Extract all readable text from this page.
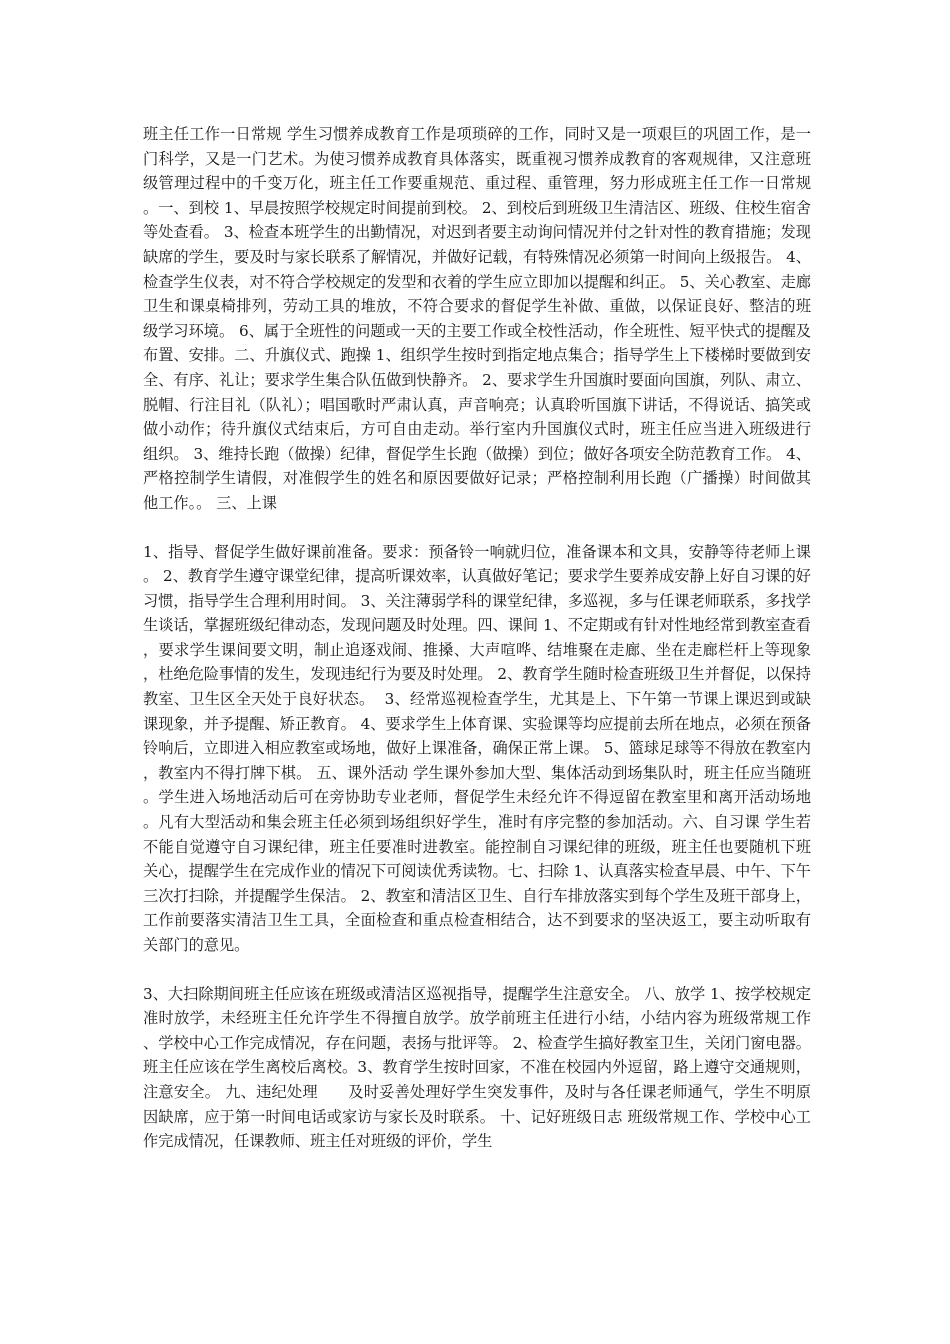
班主任工作一日常规 学生习惯养成教育工作是项琐碎的工作，同时又是一项艰巨的巩固工作，是一门科学，又是一门艺术。为使习惯养成教育具体落实，既重视习惯养成教育的客观规律，又注意班级管理过程中的千变万化，班主任工作要重规范、重过程、重管理，努力形成班主任工作一日常规。一、到校 1、早晨按照学校规定时间提前到校。 2、到校后到班级卫生清洁区、班级、住校生宿舍等处查看。 3、检查本班学生的出勤情况，对迟到者要主动询问情况并付之针对性的教育措施；发现缺席的学生，要及时与家长联系了解情况，并做好记载，有特殊情况必须第一时间向上级报告。 4、检查学生仪表，对不符合学校规定的发型和衣着的学生应立即加以提醒和纠正。 5、关心教室、走廊卫生和课桌椅排列，劳动工具的堆放，不符合要求的督促学生补做、重做，以保证良好、整洁的班级学习环境。 6、属于全班性的问题或一天的主要工作或全校性活动，作全班性、短平快式的提醒及布置、安排。二、升旗仪式、跑操 1、组织学生按时到指定地点集合；指导学生上下楼梯时要做到安全、有序、礼让；要求学生集合队伍做到快静齐。 2、要求学生升国旗时要面向国旗，列队、肃立、脱帽、行注目礼（队礼）；唱国歌时严肃认真，声音响亮；认真聆听国旗下讲话，不得说话、搞笑或做小动作；待升旗仪式结束后，方可自由走动。举行室内升国旗仪式时，班主任应当进入班级进行组织。 3、维持长跑（做操）纪律，督促学生长跑（做操）到位；做好各项安全防范教育工作。 4、严格控制学生请假，对准假学生的姓名和原因要做好记录；严格控制利用长跑（广播操）时间做其他工作。。 三、上课

1、指导、督促学生做好课前准备。要求：预备铃一响就归位，准备课本和文具，安静等待老师上课。 2、教育学生遵守课堂纪律，提高听课效率，认真做好笔记；要求学生要养成安静上好自习课的好习惯，指导学生合理利用时间。 3、关注薄弱学科的课堂纪律，多巡视，多与任课老师联系，多找学生谈话，掌握班级纪律动态，发现问题及时处理。四、课间 1、不定期或有针对性地经常到教室查看，要求学生课间要文明，制止追逐戏闹、推搡、大声喧哗、结堆聚在走廊、坐在走廊栏杆上等现象，杜绝危险事情的发生，发现违纪行为要及时处理。 2、教育学生随时检查班级卫生并督促，以保持教室、卫生区全天处于良好状态。  3、经常巡视检查学生，尤其是上、下午第一节课上课迟到或缺课现象，并予提醒、矫正教育。 4、要求学生上体育课、实验课等均应提前去所在地点，必须在预备铃响后，立即进入相应教室或场地，做好上课准备，确保正常上课。 5、篮球足球等不得放在教室内，教室内不得打牌下棋。 五、课外活动 学生课外参加大型、集体活动到场集队时，班主任应当随班。学生进入场地活动后可在旁协助专业老师，督促学生未经允许不得逗留在教室里和离开活动场地。凡有大型活动和集会班主任必须到场组织好学生，准时有序完整的参加活动。六、自习课 学生若不能自觉遵守自习课纪律，班主任要准时进教室。能控制自习课纪律的班级，班主任也要随机下班关心，提醒学生在完成作业的情况下可阅读优秀读物。七、扫除 1、认真落实检查早晨、中午、下午三次打扫除，并提醒学生保洁。 2、教室和清洁区卫生、自行车排放落实到每个学生及班干部身上，工作前要落实清洁卫生工具，全面检查和重点检查相结合，达不到要求的坚决返工，要主动听取有关部门的意见。

3、大扫除期间班主任应该在班级或清洁区巡视指导，提醒学生注意安全。 八、放学 1、按学校规定准时放学，未经班主任允许学生不得擅自放学。放学前班主任进行小结，小结内容为班级常规工作、学校中心工作完成情况，存在问题，表扬与批评等。 2、检查学生搞好教室卫生，关闭门窗电器。班主任应该在学生离校后离校。3、教育学生按时回家，不准在校园内外逗留，路上遵守交通规则，注意安全。 九、违纪处理      及时妥善处理好学生突发事件，及时与各任课老师通气，学生不明原因缺席，应于第一时间电话或家访与家长及时联系。 十、记好班级日志 班级常规工作、学校中心工作完成情况，任课教师、班主任对班级的评价，学生
